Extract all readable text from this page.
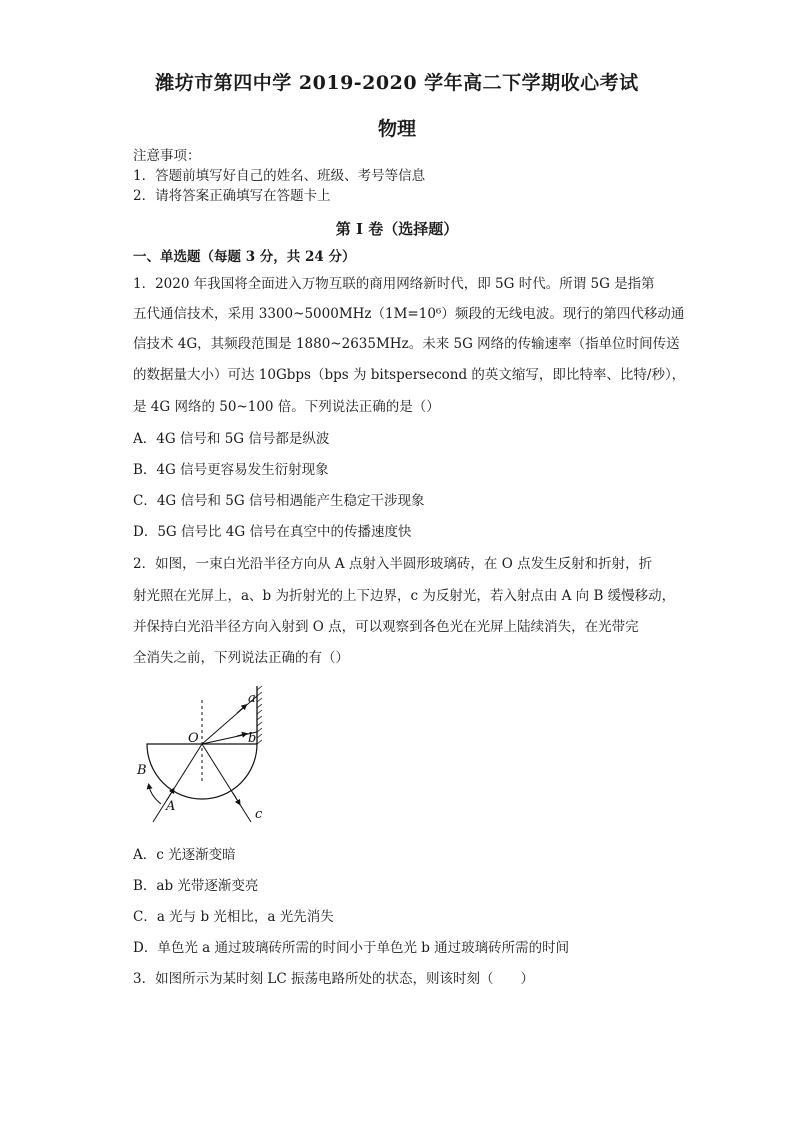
潍坊市第四中学 2019-2020 学年高二下学期收心考试
物理
注意事项：
1．答题前填写好自己的姓名、班级、考号等信息
2．请将答案正确填写在答题卡上
第 I 卷（选择题）
一、单选题（每题 3 分，共 24 分）
1．2020 年我国将全面进入万物互联的商用网络新时代，即 5G 时代。所谓 5G 是指第
五代通信技术，采用 3300~5000MHz（1M=10⁶）频段的无线电波。现行的第四代移动通
信技术 4G，其频段范围是 1880~2635MHz。未来 5G 网络的传输速率（指单位时间传送
的数据量大小）可达 10Gbps（bps 为 bitspersecond 的英文缩写，即比特率、比特/秒），
是 4G 网络的 50~100 倍。下列说法正确的是（）
A．4G 信号和 5G 信号都是纵波
B．4G 信号更容易发生衍射现象
C．4G 信号和 5G 信号相遇能产生稳定干涉现象
D．5G 信号比 4G 信号在真空中的传播速度快
2．如图，一束白光沿半径方向从 A 点射入半圆形玻璃砖，在 O 点发生反射和折射，折
射光照在光屏上，a、b 为折射光的上下边界，c 为反射光，若入射点由 A 向 B 缓慢移动，
并保持白光沿半径方向入射到 O 点，可以观察到各色光在光屏上陆续消失，在光带完
全消失之前，下列说法正确的有（）
O
A
B
a
b
c
A．c 光逐渐变暗
B．ab 光带逐渐变亮
C．a 光与 b 光相比，a 光先消失
D．单色光 a 通过玻璃砖所需的时间小于单色光 b 通过玻璃砖所需的时间
3．如图所示为某时刻 LC 振荡电路所处的状态，则该时刻（　　）
